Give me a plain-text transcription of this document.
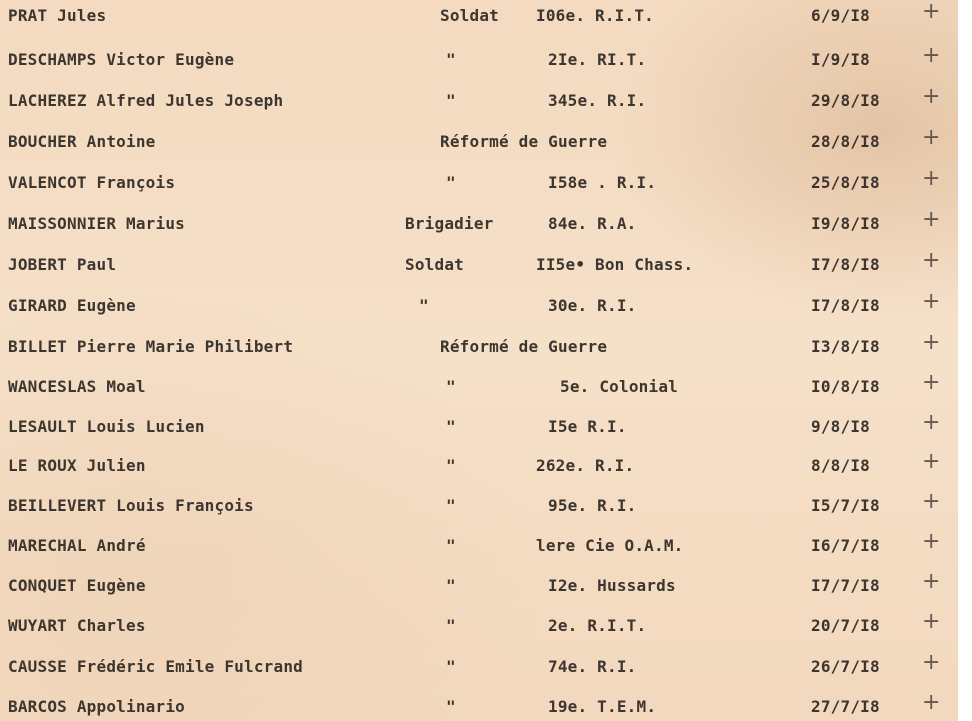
PRAT Jules	Soldat I06e. R.I.T.	6/9/I8 +
DESCHAMPS Victor Eugène	"	2Ie. RI.T.	I/9/I8 +
LACHEREZ Alfred Jules Joseph	"	345e. R.I.	29/8/I8 +
BOUCHER Antoine	Réformé de Guerre	28/8/I8 +
VALENCOT François	"	I58e . R.I.	25/8/I8 +
MAISSONNIER Marius	Brigadier	84e. R.A.	I9/8/I8 +
JOBERT Paul	Soldat	II5e• Bon Chass.	I7/8/I8 +
GIRARD Eugène	"	30e. R.I.	I7/8/I8 +
BILLET Pierre Marie Philibert	Réformé de Guerre	I3/8/I8 +
WANCESLAS Moal	"	5e. Colonial	I0/8/I8 +
LESAULT Louis Lucien	"	I5e R.I.	9/8/I8 +
LE ROUX Julien	"	262e. R.I.	8/8/I8 +
BEILLEVERT Louis François	"	95e. R.I.	I5/7/I8 +
MARECHAL André	"	lere Cie O.A.M.	I6/7/I8 +
CONQUET Eugène	"	I2e. Hussards	I7/7/I8 +
WUYART Charles	"	2e. R.I.T.	20/7/I8 +
CAUSSE Frédéric Emile Fulcrand	"	74e. R.I.	26/7/I8 +
BARCOS Appolinario	"	19e. T.E.M.	27/7/I8 +
